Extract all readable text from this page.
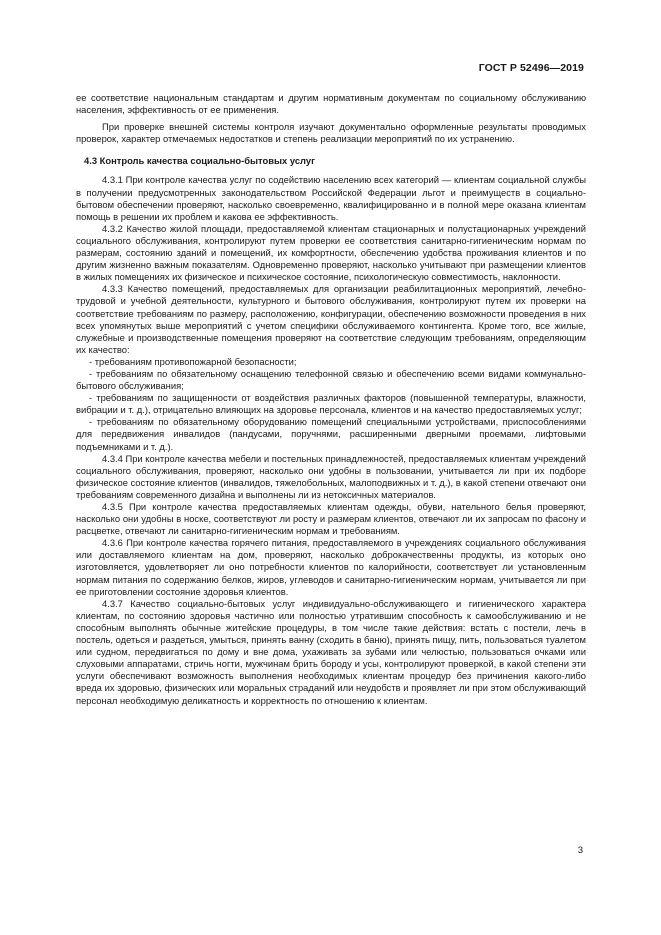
ГОСТ Р 52496—2019

ее соответствие национальным стандартам и другим нормативным документам по социальному обслуживанию населения, эффективность от ее применения.

При проверке внешней системы контроля изучают документально оформленные результаты проводимых проверок, характер отмечаемых недостатков и степень реализации мероприятий по их устранению.

4.3 Контроль качества социально-бытовых услуг

4.3.1 При контроле качества услуг по содействию населению всех категорий — клиентам социальной службы в получении предусмотренных законодательством Российской Федерации льгот и преимуществ в социально-бытовом обеспечении проверяют, насколько своевременно, квалифицированно и в полной мере оказана клиентам помощь в решении их проблем и какова ее эффективность.

4.3.2 Качество жилой площади, предоставляемой клиентам стационарных и полустационарных учреждений социального обслуживания, контролируют путем проверки ее соответствия санитарно-гигиеническим нормам по размерам, состоянию зданий и помещений, их комфортности, обеспечению удобства проживания клиентов и по другим жизненно важным показателям. Одновременно проверяют, насколько учитывают при размещении клиентов в жилых помещениях их физическое и психическое состояние, психологическую совместимость, наклонности.

4.3.3 Качество помещений, предоставляемых для организации реабилитационных мероприятий, лечебно-трудовой и учебной деятельности, культурного и бытового обслуживания, контролируют путем их проверки на соответствие требованиям по размеру, расположению, конфигурации, обеспечению возможности проведения в них всех упомянутых выше мероприятий с учетом специфики обслуживаемого контингента. Кроме того, все жилые, служебные и производственные помещения проверяют на соответствие следующим требованиям, определяющим их качество:

- требованиям противопожарной безопасности;

- требованиям по обязательному оснащению телефонной связью и обеспечению всеми видами коммунально-бытового обслуживания;

- требованиям по защищенности от воздействия различных факторов (повышенной температуры, влажности, вибрации и т. д.), отрицательно влияющих на здоровье персонала, клиентов и на качество предоставляемых услуг;

- требованиям по обязательному оборудованию помещений специальными устройствами, приспособлениями для передвижения инвалидов (пандусами, поручнями, расширенными дверными проемами, лифтовыми подъемниками и т. д.).

4.3.4 При контроле качества мебели и постельных принадлежностей, предоставляемых клиентам учреждений социального обслуживания, проверяют, насколько они удобны в пользовании, учитывается ли при их подборе физическое состояние клиентов (инвалидов, тяжелобольных, малоподвижных и т. д.), в какой степени отвечают они требованиям современного дизайна и выполнены ли из нетоксичных материалов.

4.3.5 При контроле качества предоставляемых клиентам одежды, обуви, нательного белья проверяют, насколько они удобны в носке, соответствуют ли росту и размерам клиентов, отвечают ли их запросам по фасону и расцветке, отвечают ли санитарно-гигиеническим нормам и требованиям.

4.3.6 При контроле качества горячего питания, предоставляемого в учреждениях социального обслуживания или доставляемого клиентам на дом, проверяют, насколько доброкачественны продукты, из которых оно изготовляется, удовлетворяет ли оно потребности клиентов по калорийности, соответствует ли установленным нормам питания по содержанию белков, жиров, углеводов и санитарно-гигиеническим нормам, учитывается ли при ее приготовлении состояние здоровья клиентов.

4.3.7 Качество социально-бытовых услуг индивидуально-обслуживающего и гигиенического характера клиентам, по состоянию здоровья частично или полностью утратившим способность к самообслуживанию и не способным выполнять обычные житейские процедуры, в том числе такие действия: встать с постели, лечь в постель, одеться и раздеться, умыться, принять ванну (сходить в баню), принять пищу, пить, пользоваться туалетом или судном, передвигаться по дому и вне дома, ухаживать за зубами или челюстью, пользоваться очками или слуховыми аппаратами, стричь ногти, мужчинам брить бороду и усы, контролируют проверкой, в какой степени эти услуги обеспечивают возможность выполнения необходимых клиентам процедур без причинения какого-либо вреда их здоровью, физических или моральных страданий или неудобств и проявляет ли при этом обслуживающий персонал необходимую деликатность и корректность по отношению к клиентам.

3
